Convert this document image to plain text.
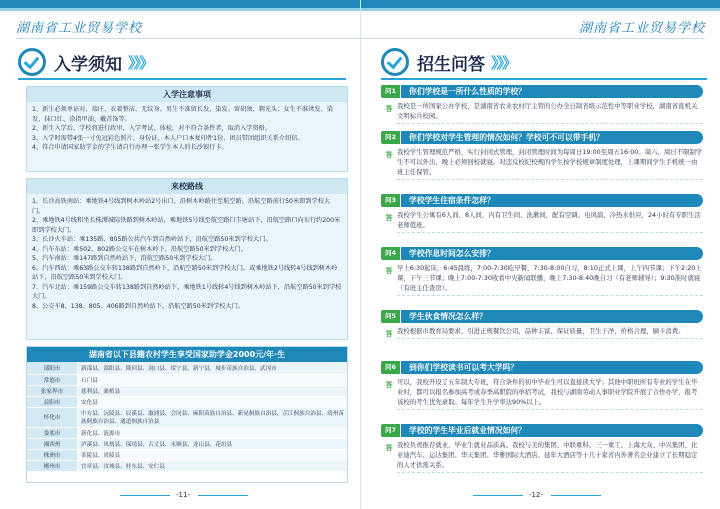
湖南省工业贸易学校
入学须知 》》》
入学注意事项

1、新生必须单证对、端庄、衣着整洁、无纹身。男生不准留长发、染发、留胡须、剃光头；女生不准烫发、染发、抹口红、涂指甲油、戴首饰等。

2、新生入学后，学校将进行政审，入学考试、体检，对不符合条件者，取消入学资格。

3、入学时需带4张一寸免冠彩色照片、身份证、本人户口本复印件1份、团员带团组织关系介绍信。

4、符合申请国家助学金的学生请自行办理一张学生本人的长沙银行卡。

来校路线

1、长沙高铁南站：乘地铁4号线到树木岭站2号出口，沿树木岭路往至航空路，沿航空路前行50米即到学校大门。

2、乘地铁4号线和坐长株潭城际铁路到树木岭站，乘地铁5号线至航空路口圭塘站下，沿航空路口向东行约200米即到学校大门。

3、长沙火车站：乘135路、805路公共汽车到自然岭站下，沿航空路50米到学校大门。

4、汽车东站：乘502、802路公交车在树木岭下，沿航空路50米到学校大门。

5、汽车南站：乘147路到自然岭站下，沿航空路50米到学校大门。

6、汽车西站：乘63路公交车转138路到自然岭下，沿航空路50米到学校大门。或乘地铁2号线转4号线到树木岭站下，沿航空路50米到学校大门。

7、汽车北站：乘159路公交车转138路到自然岭站下，乘地铁1号线转4号线到树木岭站下，沿航空路50米到学校大门。

8、公交车8、138、805、406路到自然岭站下，沿航空路50米到学校大门。

湖南省以下县籍农村学生享受国家助学金2000元/年·生
邵阳市	新邵县、邵阳县、隆回县、洞口县、绥宁县、新宁县、城步苗族自治县、武冈市
常德市	石门县
张家界市	慈利县、桑植县
益阳市	安化县
怀化市	中方县、沅陵县、辰溪县、溆浦县、会同县、麻阳苗族自治县、新晃侗族自治县、芷江侗族自治县、靖州苗族侗族自治县、通道侗族自治县
娄底市	新化县、涟源市
湘西州	泸溪县、凤凰县、保靖县、古丈县、永顺县、龙山县、花垣县
株洲市	茶陵县、炎陵县
郴州市	宜章县、汝城县、桂东县、安仁县
- 11 -
湖南省工业贸易学校
招生问答 》》》
问1	你们学校是一所什么性质的学校？
答 我校是一所国家公办学校，是湖南省农业农村厅主管的公办全日制省级示范性中等职业学校，湖南省直机关文明标兵校园。
问2	你们学校对学生管理的情况如何？学校可不可以带手机？
答 我校学生管理规范严格，实行封闭式管理，封闭管理时间为每周日19:00至周五16:00。周六、周日不限制学生不可以外出，晚上必须回校就寝。对违反校纪校规的学生按学校规章制度处理，上课期间学生手机统一由班主任保管。
问3	学校学生住宿条件怎样？
答 我校学生公寓有6人间、8人间，内有卫生间、洗漱间，配有空调、电风扇、冷热水供应，24小时有专职生活老师值班。
问4	学校作息时间怎么安排？
答 早上6:30起床，6:45晨练，7:00-7:30吃早餐，7:30-8:00自习，8:10正式上课，上午四节课；下午2:20上课，下午三节课；晚上7:00-7:30收看中央新闻联播，晚上7:30-8:40晚自习（有老师辅导）；9:30准时就寝（有班主任查房）。
问5	学生伙食情况怎么样？
答 我校根据市教育局要求，引进正规餐饮公司，品种丰富、保证质量，卫生干净，价格合理，刷卡消费。
问6	到你们学校读书可以考大学吗？
答 可以，我校开设了五年制大专班，符合条件的初中毕业生可以直接读大学；其他中职班所有专业的学生在毕业时，都可以报名参加高考或春季高职院的单招考试，我校与湖南劳动人事职业学院开展了合作办学，报考该校的考生优先录取。每年学生升学率达90%以上。
问7	学校的学生毕业后就业情况如何？
答 我校负责推荐就业，毕业生就业品质高。我校与美的集团、中联重科、三一重工、上海大众、中兴集团、比亚迪汽车、运达集团、华天集团、华雅国际大酒店、延年大酒店等十几十家省内外著名企业建立了长期稳定的人才供需关系。
- 12 -
